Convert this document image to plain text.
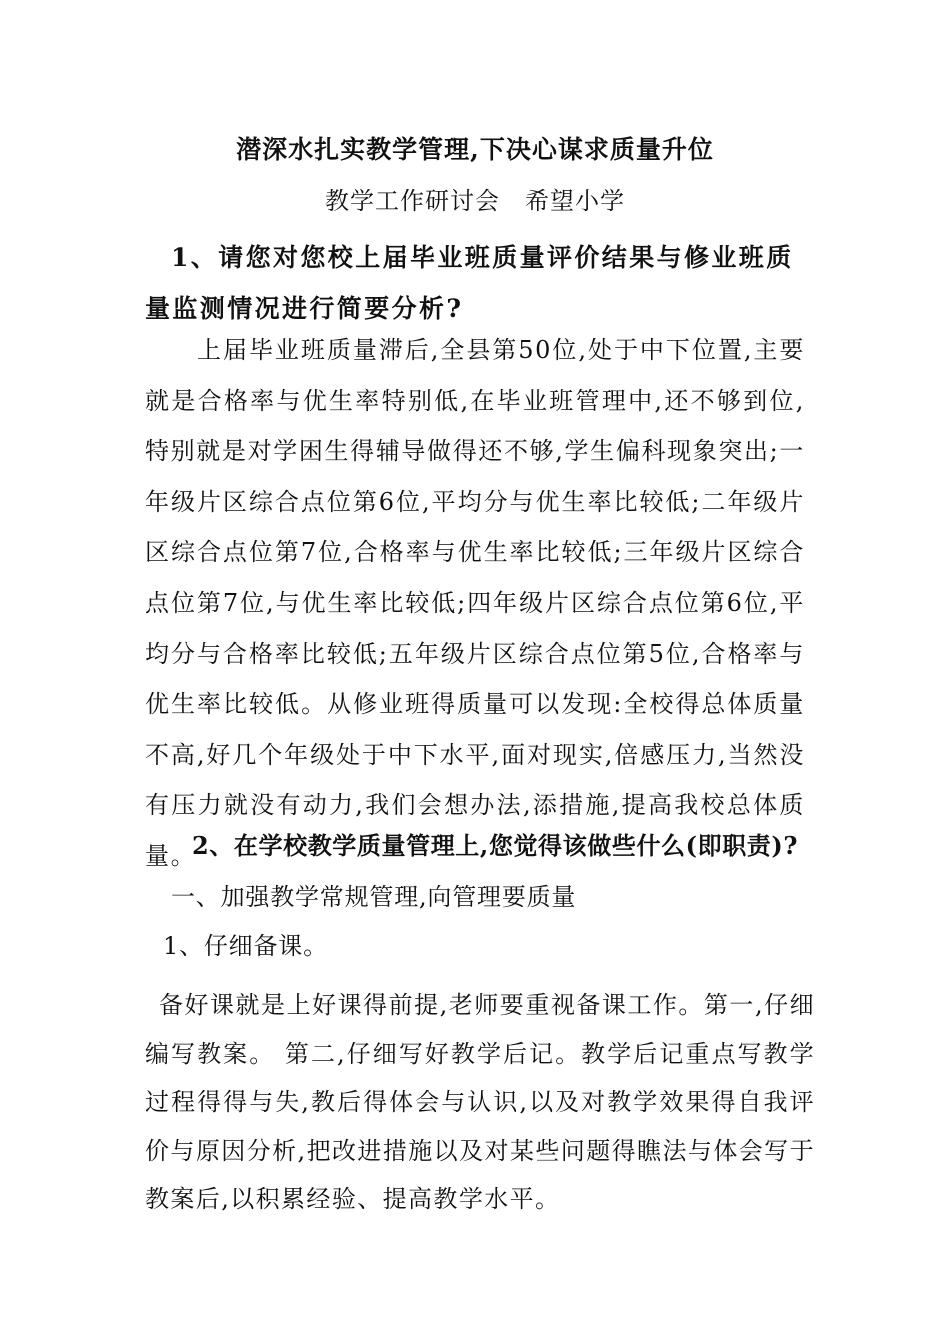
潜深水扎实教学管理,下决心谋求质量升位
教学工作研讨会　希望小学
1、请您对您校上届毕业班质量评价结果与修业班质量监测情况进行简要分析?
上届毕业班质量滞后,全县第50位,处于中下位置,主要就是合格率与优生率特别低,在毕业班管理中,还不够到位,特别就是对学困生得辅导做得还不够,学生偏科现象突出;一年级片区综合点位第6位,平均分与优生率比较低;二年级片区综合点位第7位,合格率与优生率比较低;三年级片区综合点位第7位,与优生率比较低;四年级片区综合点位第6位,平均分与合格率比较低;五年级片区综合点位第5位,合格率与优生率比较低。从修业班得质量可以发现:全校得总体质量不高,好几个年级处于中下水平,面对现实,倍感压力,当然没有压力就没有动力,我们会想办法,添措施,提高我校总体质量。
2、在学校教学质量管理上,您觉得该做些什么(即职责)?
一、加强教学常规管理,向管理要质量
1、仔细备课。
备好课就是上好课得前提,老师要重视备课工作。第一,仔细编写教案。 第二,仔细写好教学后记。教学后记重点写教学过程得得与失,教后得体会与认识,以及对教学效果得自我评价与原因分析,把改进措施以及对某些问题得瞧法与体会写于教案后,以积累经验、提高教学水平。
